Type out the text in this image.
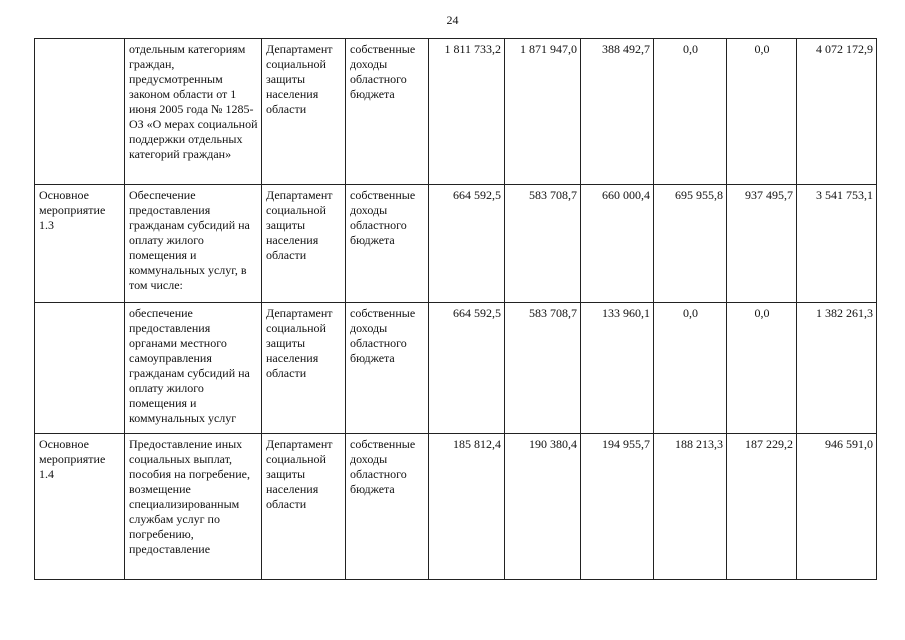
24
	отдельным категориям граждан, предусмотренным законом области от 1 июня 2005 года № 1285-ОЗ «О мерах социальной поддержки отдельных категорий граждан»	Департамент социальной защиты населения области	собственные доходы областного бюджета	1 811 733,2	1 871 947,0	388 492,7	0,0	0,0	4 072 172,9
Основное мероприятие 1.3	Обеспечение предоставления гражданам субсидий на оплату жилого помещения и коммунальных услуг, в том числе:	Департамент социальной защиты населения области	собственные доходы областного бюджета	664 592,5	583 708,7	660 000,4	695 955,8	937 495,7	3 541 753,1
	обеспечение предоставления органами местного самоуправления гражданам субсидий на оплату жилого помещения и коммунальных услуг	Департамент социальной защиты населения области	собственные доходы областного бюджета	664 592,5	583 708,7	133 960,1	0,0	0,0	1 382 261,3
Основное мероприятие 1.4	Предоставление иных социальных выплат, пособия на погребение, возмещение специализированным службам услуг по погребению, предоставление	Департамент социальной защиты населения области	собственные доходы областного бюджета	185 812,4	190 380,4	194 955,7	188 213,3	187 229,2	946 591,0
